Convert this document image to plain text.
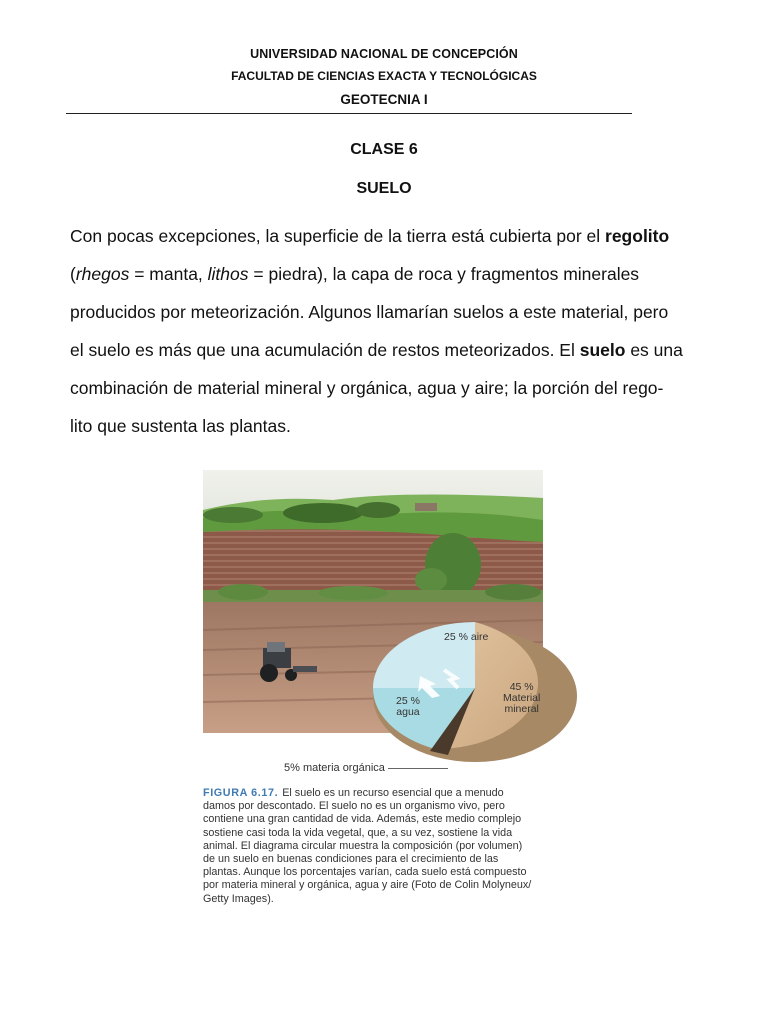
UNIVERSIDAD NACIONAL DE CONCEPCIÓN
FACULTAD DE CIENCIAS EXACTA Y TECNOLÓGICAS
GEOTECNIA I
CLASE 6
SUELO
Con pocas excepciones, la superficie de la tierra está cubierta por el regolito
(rhegos = manta, lithos = piedra), la capa de roca y fragmentos minerales
producidos por meteorización. Algunos llamarían suelos a este material, pero
el suelo es más que una acumulación de restos meteorizados. El suelo es una
combinación de material mineral y orgánica, agua y aire; la porción del rego-
lito que sustenta las plantas.
25 % aire
25 %
agua
45 %
Material
mineral
5% materia orgánica
FIGURA 6.17. El suelo es un recurso esencial que a menudo
damos por descontado. El suelo no es un organismo vivo, pero
contiene una gran cantidad de vida. Además, este medio complejo
sostiene casi toda la vida vegetal, que, a su vez, sostiene la vida
animal. El diagrama circular muestra la composición (por volumen)
de un suelo en buenas condiciones para el crecimiento de las
plantas. Aunque los porcentajes varían, cada suelo está compuesto
por materia mineral y orgánica, agua y aire (Foto de Colin Molyneux/
Getty Images).
